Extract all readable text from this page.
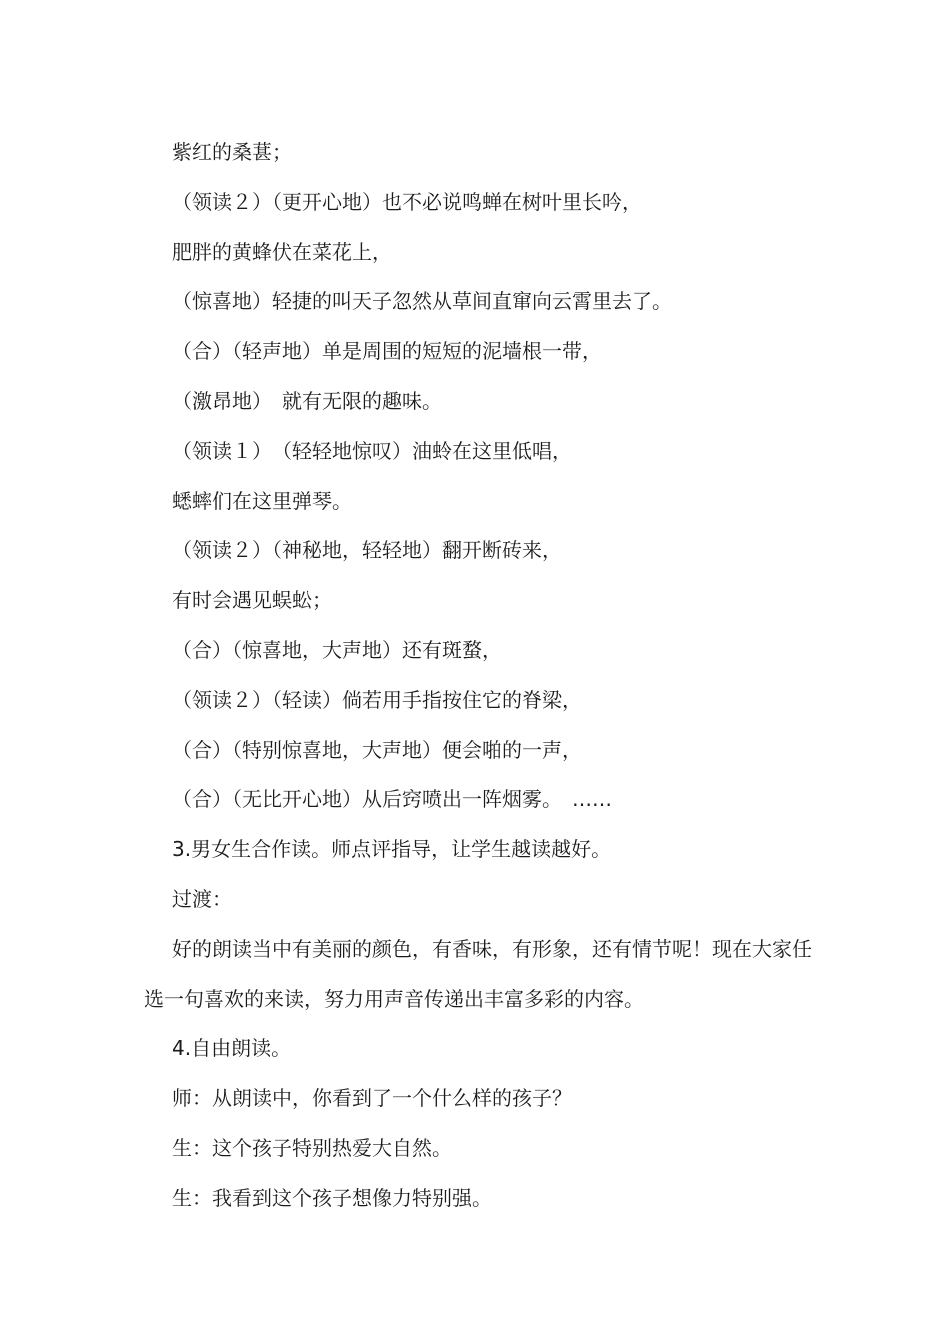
紫红的桑葚；
（领读２）（更开心地）也不必说鸣蝉在树叶里长吟，
肥胖的黄蜂伏在菜花上，
（惊喜地）轻捷的叫天子忽然从草间直窜向云霄里去了。
（合）（轻声地）单是周围的短短的泥墙根一带，
（激昂地）　就有无限的趣味。
（领读１）　（轻轻地惊叹）油蛉在这里低唱，
蟋蟀们在这里弹琴。
（领读２）（神秘地，轻轻地）翻开断砖来，
有时会遇见蜈蚣；
（合）（惊喜地，大声地）还有斑蝥，
（领读２）（轻读）倘若用手指按住它的脊梁，
（合）（特别惊喜地，大声地）便会啪的一声，
（合）（无比开心地）从后窍喷出一阵烟雾。　……
3.男女生合作读。师点评指导，让学生越读越好。
过渡：
好的朗读当中有美丽的颜色，有香味，有形象，还有情节呢！现在大家任选一句喜欢的来读，努力用声音传递出丰富多彩的内容。
4.自由朗读。
师：从朗读中，你看到了一个什么样的孩子？
生：这个孩子特别热爱大自然。
生：我看到这个孩子想像力特别强。
